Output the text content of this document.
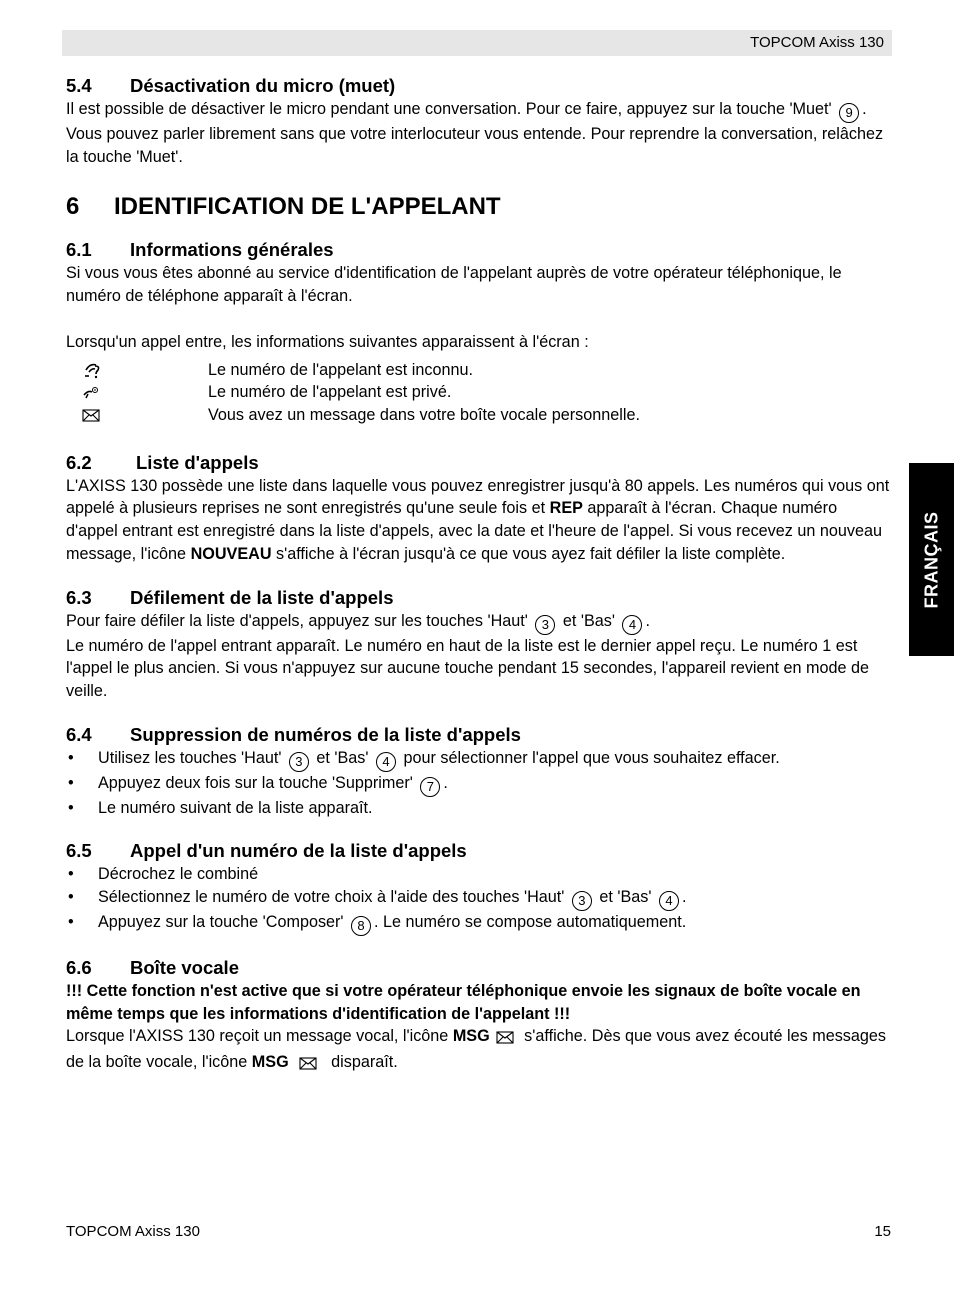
TOPCOM Axiss 130
FRANÇAIS
5.4 Désactivation du micro (muet)

Il est possible de désactiver le micro pendant une conversation. Pour ce faire, appuyez sur la touche 'Muet' 9 . Vous pouvez parler librement sans que votre interlocuteur vous entende. Pour reprendre la conversation, relâchez la touche 'Muet'.

6 IDENTIFICATION DE L'APPELANT
6.1 Informations générales

Si vous vous êtes abonné au service d'identification de l'appelant auprès de votre opérateur téléphonique, le numéro de téléphone apparaît à l'écran.

Lorsqu'un appel entre, les informations suivantes apparaissent à l'écran :

Le numéro de l'appelant est inconnu.
Le numéro de l'appelant est privé.
Vous avez un message dans votre boîte vocale personnelle.
6.2 Liste d'appels

L'AXISS 130 possède une liste dans laquelle vous pouvez enregistrer jusqu'à 80 appels. Les numéros qui vous ont appelé à plusieurs reprises ne sont enregistrés qu'une seule fois et REP apparaît à l'écran. Chaque numéro d'appel entrant est enregistré dans la liste d'appels, avec la date et l'heure de l'appel. Si vous recevez un nouveau message, l'icône NOUVEAU s'affiche à l'écran jusqu'à ce que vous ayez fait défiler la liste complète.

6.3 Défilement de la liste d'appels

Pour faire défiler la liste d'appels, appuyez sur les touches 'Haut' 3 et 'Bas' 4 .

Le numéro de l'appel entrant apparaît. Le numéro en haut de la liste est le dernier appel reçu. Le numéro 1 est l'appel le plus ancien. Si vous n'appuyez sur aucune touche pendant 15 secondes, l'appareil revient en mode de veille.

6.4 Suppression de numéros de la liste d'appels
• Utilisez les touches 'Haut' 3 et 'Bas' 4 pour sélectionner l'appel que vous souhaitez effacer.
• Appuyez deux fois sur la touche 'Supprimer' 7 .
• Le numéro suivant de la liste apparaît.
6.5 Appel d'un numéro de la liste d'appels
• Décrochez le combiné
• Sélectionnez le numéro de votre choix à l'aide des touches 'Haut' 3 et 'Bas' 4 .
• Appuyez sur la touche 'Composer' 8 . Le numéro se compose automatiquement.
6.6 Boîte vocale

!!! Cette fonction n'est active que si votre opérateur téléphonique envoie les signaux de boîte vocale en même temps que les informations d'identification de l'appelant !!!

Lorsque l'AXISS 130 reçoit un message vocal, l'icône MSG s'affiche. Dès que vous avez écouté les messages de la boîte vocale, l'icône MSG disparaît.

TOPCOM Axiss 130	15
